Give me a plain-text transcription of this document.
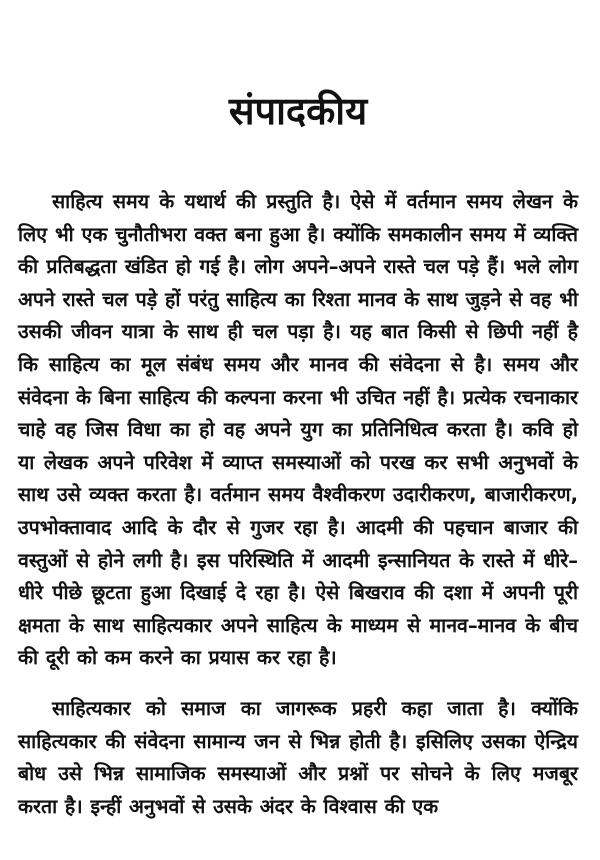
संपादकीय

साहित्य समय के यथार्थ की प्रस्तुति है। ऐसे में वर्तमान समय लेखन के लिए भी एक चुनौतीभरा वक्त बना हुआ है। क्योंकि समकालीन समय में व्यक्ति की प्रतिबद्धता खंडित हो गई है। लोग अपने–अपने रास्ते चल पड़े हैं। भले लोग अपने रास्ते चल पड़े हों परंतु साहित्य का रिश्ता मानव के साथ जुड़ने से वह भी उसकी जीवन यात्रा के साथ ही चल पड़ा है। यह बात किसी से छिपी नहीं है कि साहित्य का मूल संबंध समय और मानव की संवेदना से है। समय और संवेदना के बिना साहित्य की कल्पना करना भी उचित नहीं है। प्रत्येक रचनाकार चाहे वह जिस विधा का हो वह अपने युग का प्रतिनिधित्व करता है। कवि हो या लेखक अपने परिवेश में व्याप्त समस्याओं को परख कर सभी अनुभवों के साथ उसे व्यक्त करता है। वर्तमान समय वैश्वीकरण उदारीकरण, बाजारीकरण, उपभोक्तावाद आदि के दौर से गुजर रहा है। आदमी की पहचान बाजार की वस्तुओं से होने लगी है। इस परिस्थिति में आदमी इन्सानियत के रास्ते में धीरे–धीरे पीछे छूटता हुआ दिखाई दे रहा है। ऐसे बिखराव की दशा में अपनी पूरी क्षमता के साथ साहित्यकार अपने साहित्य के माध्यम से मानव–मानव के बीच की दूरी को कम करने का प्रयास कर रहा है।

साहित्यकार को समाज का जागरूक प्रहरी कहा जाता है। क्योंकि साहित्यकार की संवेदना सामान्य जन से भिन्न होती है। इसिलिए उसका ऐन्द्रिय बोध उसे भिन्न सामाजिक समस्याओं और प्रश्नों पर सोचने के लिए मजबूर करता है। इन्हीं अनुभवों से उसके अंदर के विश्वास की एक
